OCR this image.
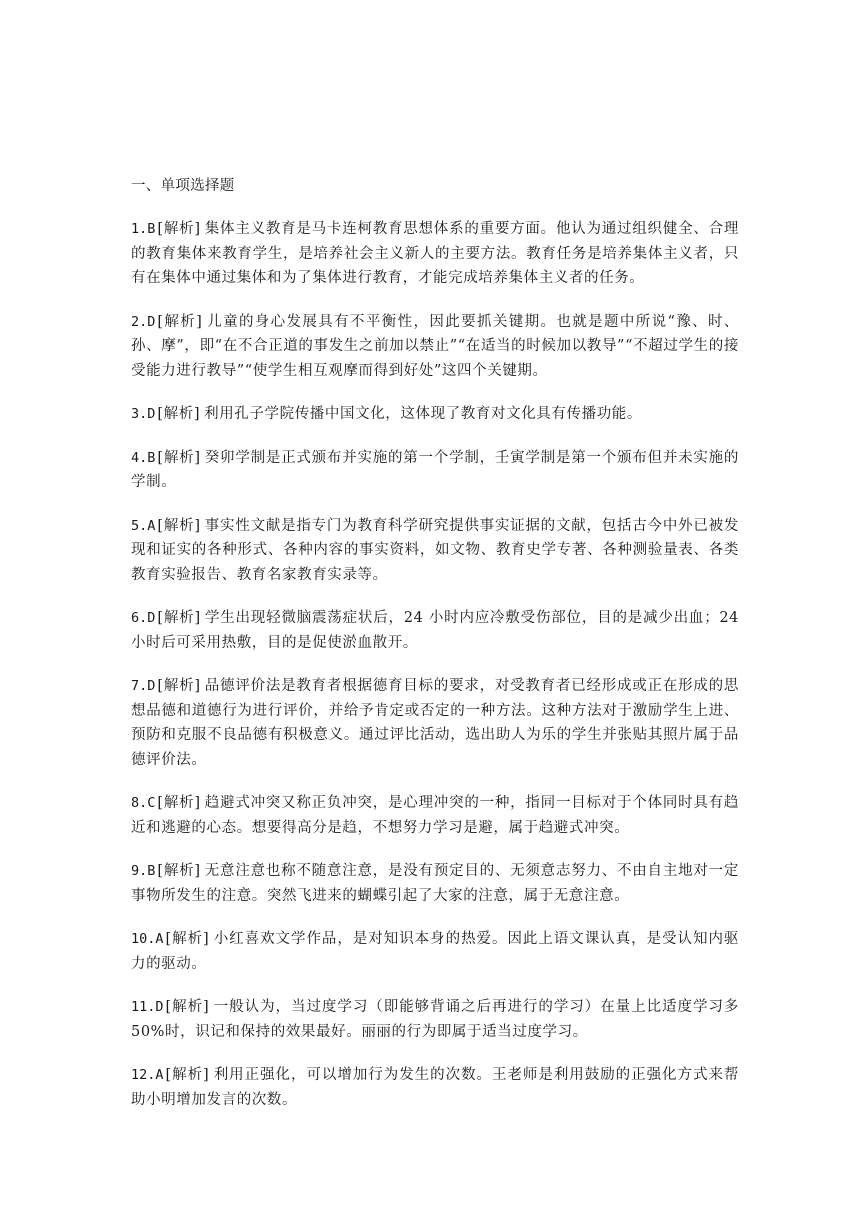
一、单项选择题

1.B [解析] 集体主义教育是马卡连柯教育思想体系的重要方面。他认为通过组织健全、合理的教育集体来教育学生，是培养社会主义新人的主要方法。教育任务是培养集体主义者，只有在集体中通过集体和为了集体进行教育，才能完成培养集体主义者的任务。

2.D [解析] 儿童的身心发展具有不平衡性，因此要抓关键期。也就是题中所说“豫、时、孙、摩”，即“在不合正道的事发生之前加以禁止”“在适当的时候加以教导”“不超过学生的接受能力进行教导”“使学生相互观摩而得到好处”这四个关键期。

3.D [解析] 利用孔子学院传播中国文化，这体现了教育对文化具有传播功能。

4.B [解析] 癸卯学制是正式颁布并实施的第一个学制，壬寅学制是第一个颁布但并未实施的学制。

5.A [解析] 事实性文献是指专门为教育科学研究提供事实证据的文献，包括古今中外已被发现和证实的各种形式、各种内容的事实资料，如文物、教育史学专著、各种测验量表、各类教育实验报告、教育名家教育实录等。

6.D [解析] 学生出现轻微脑震荡症状后，24 小时内应冷敷受伤部位，目的是减少出血；24 小时后可采用热敷，目的是促使淤血散开。

7.D [解析] 品德评价法是教育者根据德育目标的要求，对受教育者已经形成或正在形成的思想品德和道德行为进行评价，并给予肯定或否定的一种方法。这种方法对于激励学生上进、预防和克服不良品德有积极意义。通过评比活动，选出助人为乐的学生并张贴其照片属于品德评价法。

8.C [解析] 趋避式冲突又称正负冲突，是心理冲突的一种，指同一目标对于个体同时具有趋近和逃避的心态。想要得高分是趋，不想努力学习是避，属于趋避式冲突。

9.B [解析] 无意注意也称不随意注意，是没有预定目的、无须意志努力、不由自主地对一定事物所发生的注意。突然飞进来的蝴蝶引起了大家的注意，属于无意注意。

10.A [解析] 小红喜欢文学作品，是对知识本身的热爱。因此上语文课认真，是受认知内驱力的驱动。

11.D [解析] 一般认为，当过度学习（即能够背诵之后再进行的学习）在量上比适度学习多 50%时，识记和保持的效果最好。丽丽的行为即属于适当过度学习。

12.A [解析] 利用正强化，可以增加行为发生的次数。王老师是利用鼓励的正强化方式来帮助小明增加发言的次数。
